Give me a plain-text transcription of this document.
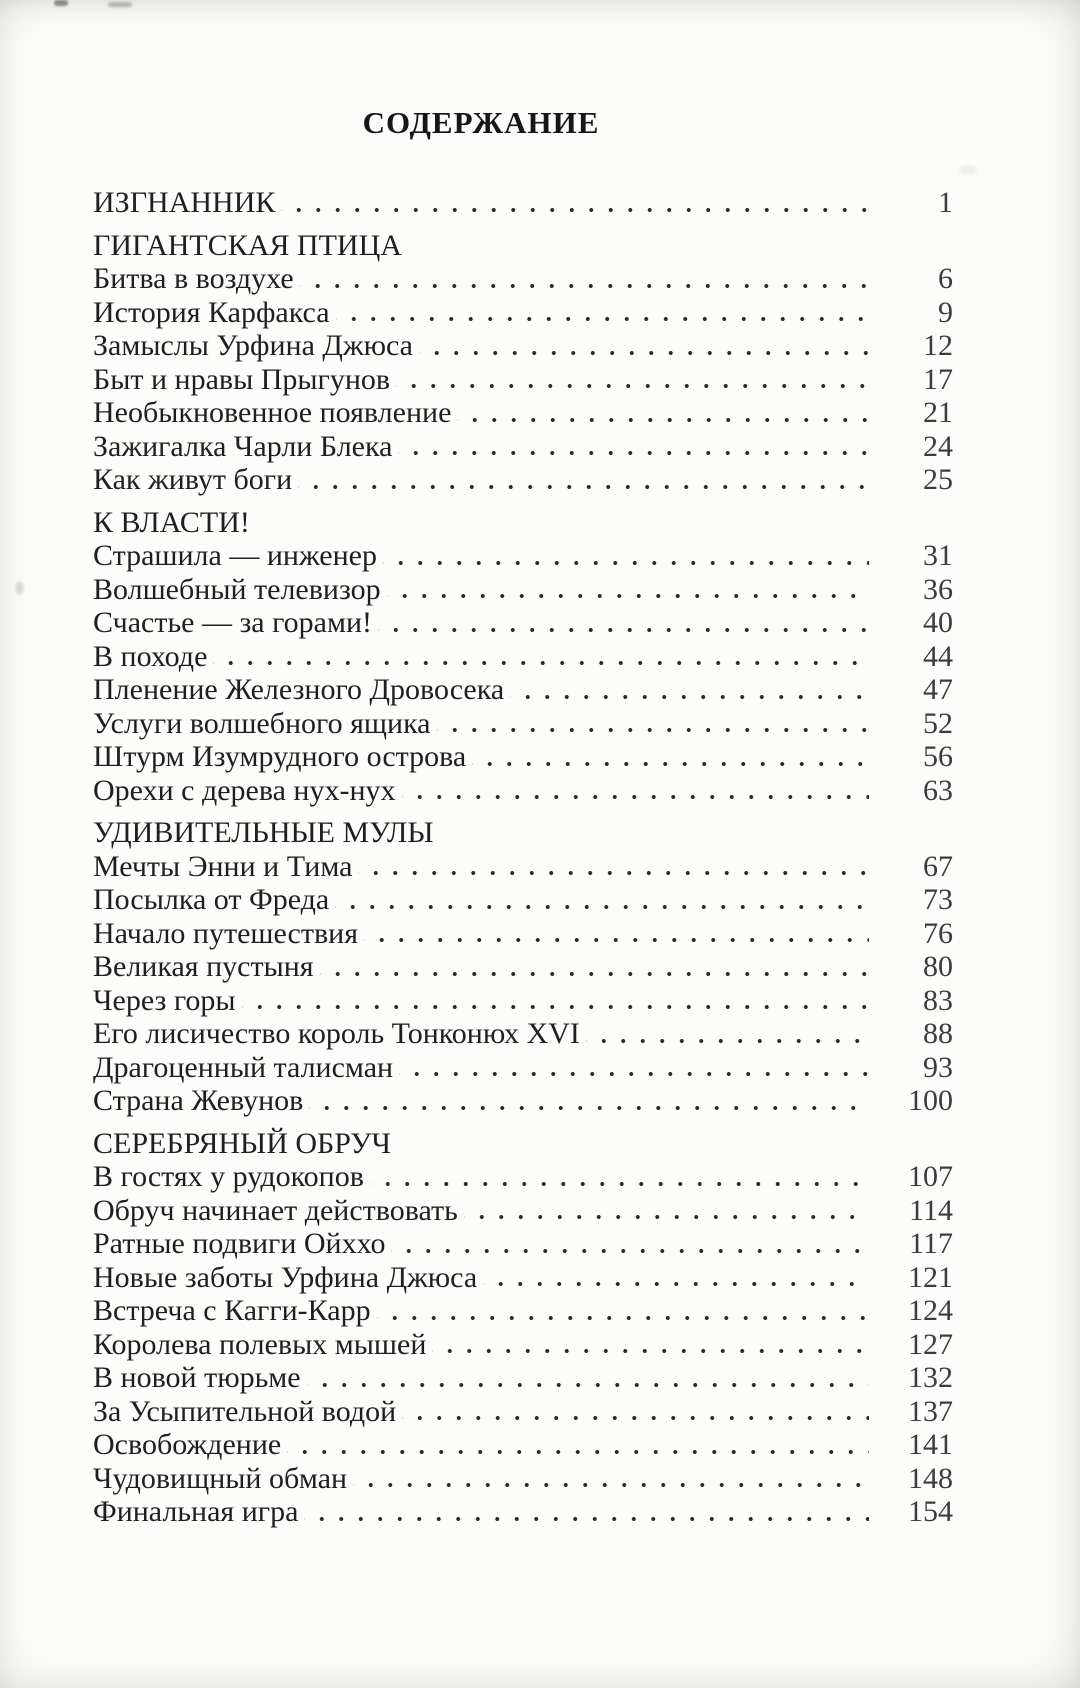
СОДЕРЖАНИЕ
ИЗГНАННИК	1
ГИГАНТСКАЯ ПТИЦА
Битва в воздухе	6
История Карфакса	9
Замыслы Урфина Джюса	12
Быт и нравы Прыгунов	17
Необыкновенное появление	21
Зажигалка Чарли Блека	24
Как живут боги	25
К ВЛАСТИ!
Страшила — инженер	31
Волшебный телевизор	36
Счастье — за горами!	40
В походе	44
Пленение Железного Дровосека	47
Услуги волшебного ящика	52
Штурм Изумрудного острова	56
Орехи с дерева нух-нух	63
УДИВИТЕЛЬНЫЕ МУЛЫ
Мечты Энни и Тима	67
Посылка от Фреда	73
Начало путешествия	76
Великая пустыня	80
Через горы	83
Его лисичество король Тонконюх XVI	88
Драгоценный талисман	93
Страна Жевунов	100
СЕРЕБРЯНЫЙ ОБРУЧ
В гостях у рудокопов	107
Обруч начинает действовать	114
Ратные подвиги Ойххо	117
Новые заботы Урфина Джюса	121
Встреча с Кагги-Карр	124
Королева полевых мышей	127
В новой тюрьме	132
За Усыпительной водой	137
Освобождение	141
Чудовищный обман	148
Финальная игра	154
